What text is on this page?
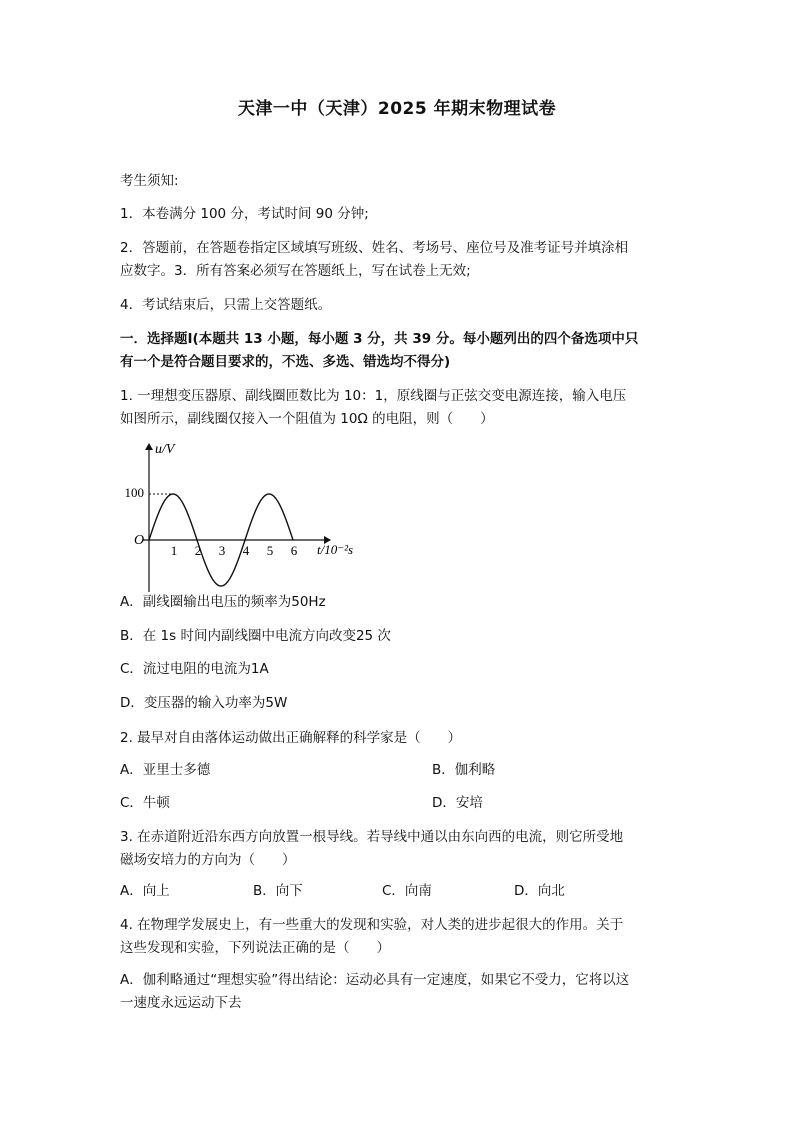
天津一中（天津）2025 年期末物理试卷
考生须知:
1．本卷满分 100 分，考试时间 90 分钟;
2．答题前，在答题卷指定区域填写班级、姓名、考场号、座位号及准考证号并填涂相
应数字。3．所有答案必须写在答题纸上，写在试卷上无效;
4．考试结束后，只需上交答题纸。
一．选择题Ⅰ(本题共 13 小题，每小题 3 分，共 39 分。每小题列出的四个备选项中只
有一个是符合题目要求的，不选、多选、错选均不得分)
1. 一理想变压器原、副线圈匝数比为 10：1，原线圈与正弦交变电源连接，输入电压
如图所示，副线圈仅接入一个阻值为 10Ω 的电阻，则（　　）
1 2 3 4 5 6
u/V
100
O
t/10⁻²s
A．副线圈输出电压的频率为50Hz
B．在 1s 时间内副线圈中电流方向改变25 次
C．流过电阻的电流为1A
D．变压器的输入功率为5W
2. 最早对自由落体运动做出正确解释的科学家是（　　）
A．亚里士多德	B．伽利略
C．牛顿	D．安培
3. 在赤道附近沿东西方向放置一根导线。若导线中通以由东向西的电流，则它所受地
磁场安培力的方向为（　　）
A．向上	B．向下	C．向南	D．向北
4. 在物理学发展史上，有一些重大的发现和实验，对人类的进步起很大的作用。关于
这些发现和实验，下列说法正确的是（　　）
A．伽利略通过“理想实验”得出结论：运动必具有一定速度，如果它不受力，它将以这
一速度永远运动下去
